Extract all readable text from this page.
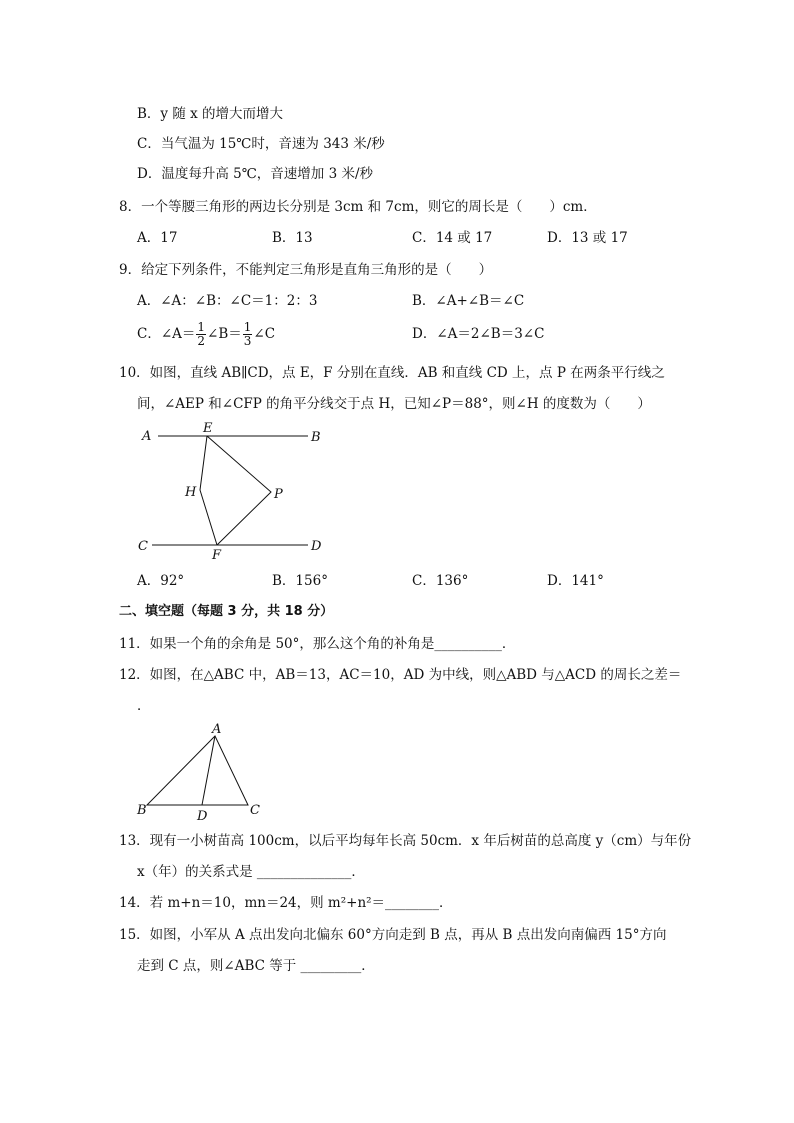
B．y 随 x 的增大而增大
C．当气温为 15℃时，音速为 343 米/秒
D．温度每升高 5℃，音速增加 3 米/秒
8．一个等腰三角形的两边长分别是 3cm 和 7cm，则它的周长是（　　）cm．
A．17	B．13	C．14 或 17	D．13 或 17
9．给定下列条件，不能判定三角形是直角三角形的是（　　）
A．∠A：∠B：∠C＝1：2：3	B．∠A+∠B＝∠C
C．∠A＝ $\frac{1}{2}$ ∠B＝ $\frac{1}{3}$ ∠C	D．∠A＝2∠B＝3∠C
10．如图，直线 AB∥CD，点 E，F 分别在直线．AB 和直线 CD 上，点 P 在两条平行线之
间，∠AEP 和∠CFP 的角平分线交于点 H，已知∠P＝88°，则∠H 的度数为（　　）
A	B
C	D
E
F
H	P
A．92°	B．156°	C．136°	D．141°
二、填空题（每题 3 分，共 18 分）
11．如果一个角的余角是 50°，那么这个角的补角是__________．
12．如图，在△ABC 中，AB＝13，AC＝10，AD 为中线，则△ABD 与△ACD 的周长之差＝
．
A
B	C
D
13．现有一小树苗高 100cm，以后平均每年长高 50cm．x 年后树苗的总高度 y（cm）与年份
x（年）的关系式是 ______________．
14．若 m+n＝10，mn＝24，则 m²+n²＝________．
15．如图，小军从 A 点出发向北偏东 60°方向走到 B 点，再从 B 点出发向南偏西 15°方向
走到 C 点，则∠ABC 等于 _________．
